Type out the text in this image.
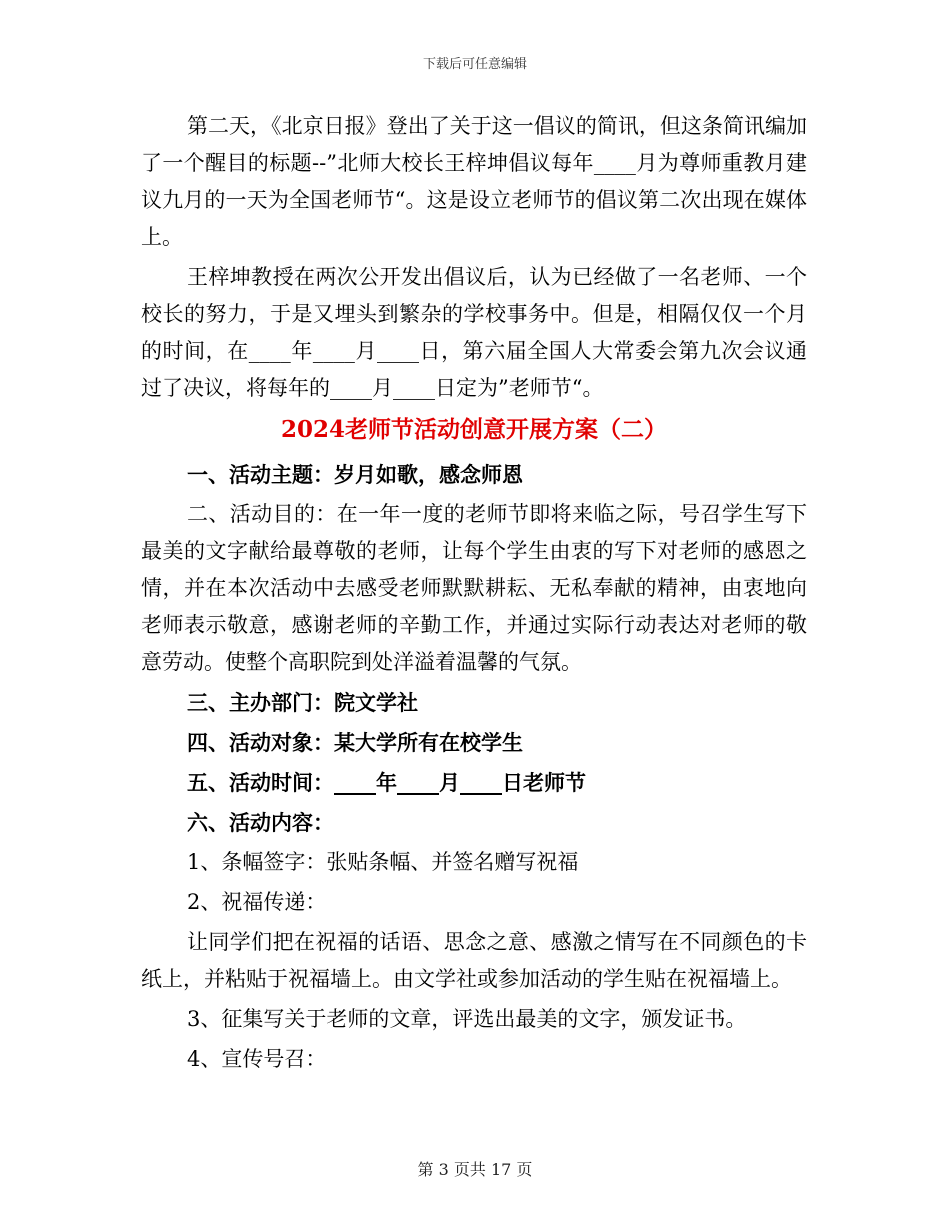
下载后可任意编辑

第二天，《北京日报》登出了关于这一倡议的简讯，但这条简讯编加了一个醒目的标题--”北师大校长王梓坤倡议每年____月为尊师重教月建议九月的一天为全国老师节“。这是设立老师节的倡议第二次出现在媒体上。

王梓坤教授在两次公开发出倡议后，认为已经做了一名老师、一个校长的努力，于是又埋头到繁杂的学校事务中。但是，相隔仅仅一个月的时间，在____年____月____日，第六届全国人大常委会第九次会议通过了决议，将每年的____月____日定为”老师节“。

2024老师节活动创意开展方案（二）

一、活动主题：岁月如歌，感念师恩

二、活动目的：在一年一度的老师节即将来临之际，号召学生写下最美的文字献给最尊敬的老师，让每个学生由衷的写下对老师的感恩之情，并在本次活动中去感受老师默默耕耘、无私奉献的精神，由衷地向老师表示敬意，感谢老师的辛勤工作，并通过实际行动表达对老师的敬意劳动。使整个高职院到处洋溢着温馨的气氛。

三、主办部门：院文学社

四、活动对象：某大学所有在校学生

五、活动时间：____年____月____日老师节

六、活动内容：

1、条幅签字：张贴条幅、并签名赠写祝福

2、祝福传递：

让同学们把在祝福的话语、思念之意、感激之情写在不同颜色的卡纸上，并粘贴于祝福墙上。由文学社或参加活动的学生贴在祝福墙上。

3、征集写关于老师的文章，评选出最美的文字，颁发证书。

4、宣传号召：

第 3 页共 17 页
